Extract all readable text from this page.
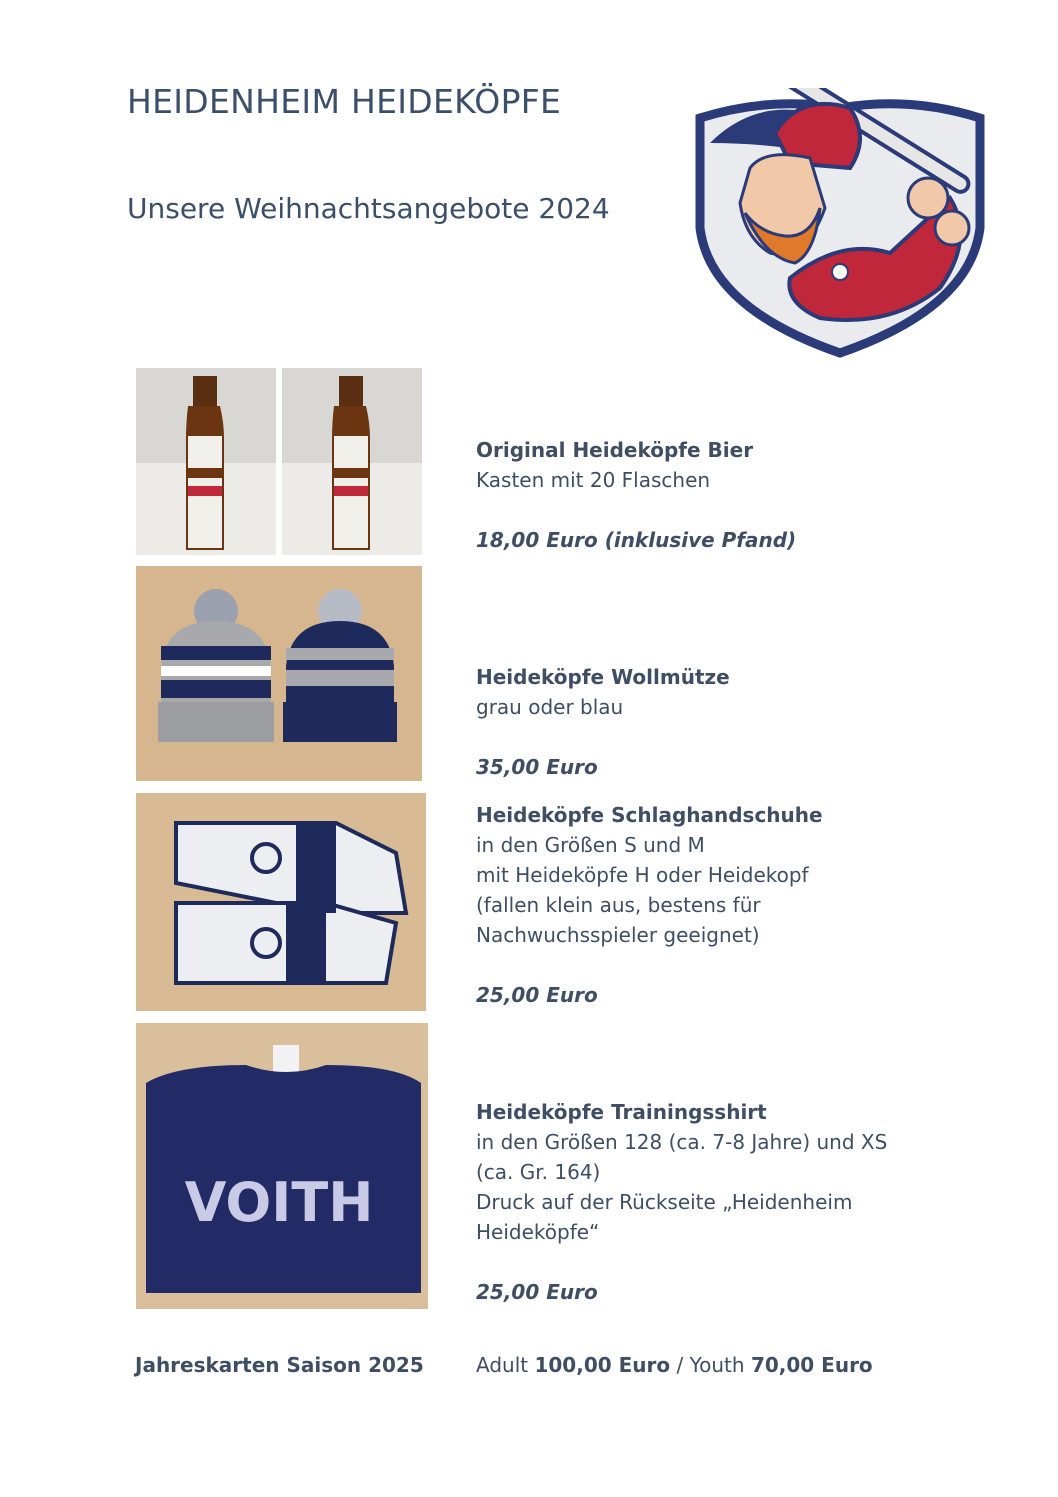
HEIDENHEIM HEIDEKÖPFE
Unsere Weihnachtsangebote 2024
Original Heideköpfe Bier
Kasten mit 20 Flaschen
18,00 Euro (inklusive Pfand)
Heideköpfe Wollmütze
grau oder blau
35,00 Euro
Heideköpfe Schlaghandschuhe
in den Größen S und M
mit Heideköpfe H oder Heidekopf
(fallen klein aus, bestens für
Nachwuchsspieler geeignet)
25,00 Euro
VOITH
Heideköpfe Trainingsshirt
in den Größen 128 (ca. 7-8 Jahre) und XS
(ca. Gr. 164)
Druck auf der Rückseite „Heidenheim
Heideköpfe“
25,00 Euro
Jahreskarten Saison 2025	Adult 100,00 Euro / Youth 70,00 Euro
